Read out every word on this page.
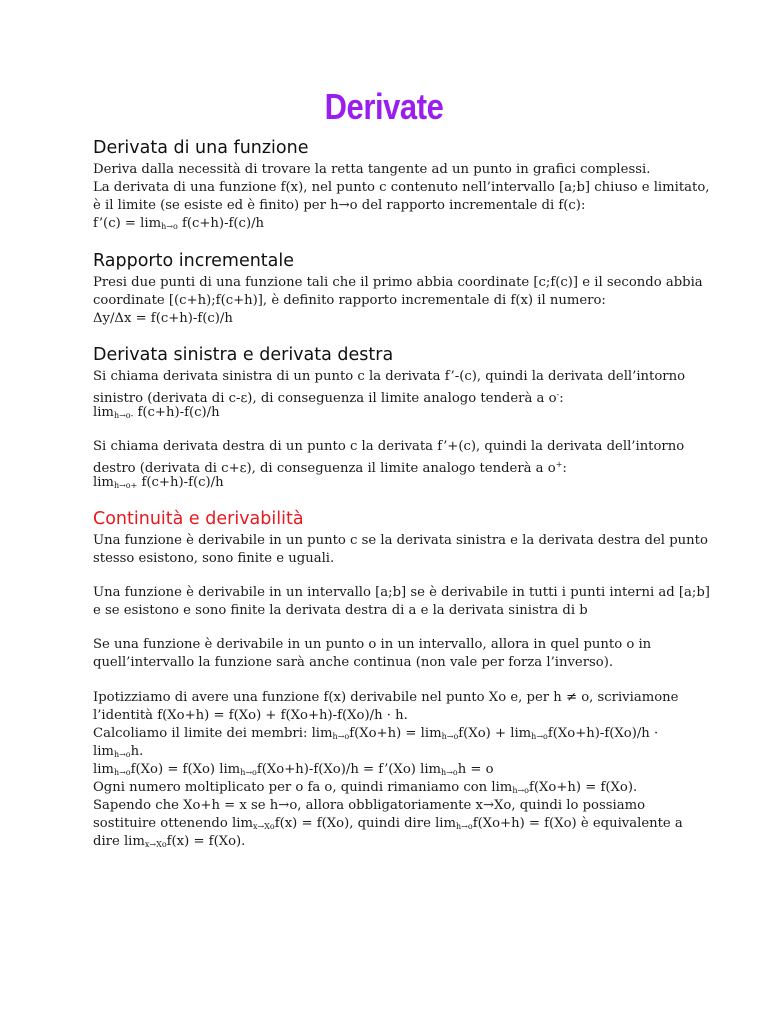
Derivate
Derivata di una funzione
Deriva dalla necessità di trovare la retta tangente ad un punto in grafici complessi.
La derivata di una funzione f(x), nel punto c contenuto nell’intervallo [a;b] chiuso e limitato,
è il limite (se esiste ed è finito) per h→o del rapporto incrementale di f(c):
f’(c) = $\lim_{h\to o} f(c+h)-f(c)/h$
Rapporto incrementale
Presi due punti di una funzione tali che il primo abbia coordinate [c;f(c)] e il secondo abbia
coordinate [(c+h);f(c+h)], è definito rapporto incrementale di f(x) il numero:
Δy/Δx = f(c+h)-f(c)/h
Derivata sinistra e derivata destra
Si chiama derivata sinistra di un punto c la derivata f’-(c), quindi la derivata dell’intorno
sinistro (derivata di c-ε), di conseguenza il limite analogo tenderà a o-:
$\lim_{h\to o-} f(c+h)-f(c)/h$
Si chiama derivata destra di un punto c la derivata f’+(c), quindi la derivata dell’intorno
destro (derivata di c+ε), di conseguenza il limite analogo tenderà a o+:
$\lim_{h\to o+} f(c+h)-f(c)/h$
Continuità e derivabilità
Una funzione è derivabile in un punto c se la derivata sinistra e la derivata destra del punto
stesso esistono, sono finite e uguali.
Una funzione è derivabile in un intervallo [a;b] se è derivabile in tutti i punti interni ad [a;b]
e se esistono e sono finite la derivata destra di a e la derivata sinistra di b
Se una funzione è derivabile in un punto o in un intervallo, allora in quel punto o in
quell’intervallo la funzione sarà anche continua (non vale per forza l’inverso).
Ipotizziamo di avere una funzione f(x) derivabile nel punto Xo e, per h ≠ o, scriviamone
l’identità f(Xo+h) = f(Xo) + f(Xo+h)-f(Xo)/h · h.
Calcoliamo il limite dei membri: $\lim_{h\to o}f(Xo+h) = \lim_{h\to o}f(Xo) + \lim_{h\to o}f(Xo+h)-f(Xo)/h$ ·
$\lim_{h\to o}h$.
$\lim_{h\to o}f(Xo) = f(Xo) \lim_{h\to o}f(Xo+h)-f(Xo)/h$ = f’(Xo) $\lim_{h\to o}h = o$
Ogni numero moltiplicato per o fa o, quindi rimaniamo con $\lim_{h\to o}f(Xo+h) = f(Xo)$.
Sapendo che Xo+h = x se h→o, allora obbligatoriamente x→Xo, quindi lo possiamo
sostituire ottenendo $\lim_{x\to Xo}f(x) = f(Xo)$, quindi dire $\lim_{h\to o}f(Xo+h) = f(Xo)$ è equivalente a
dire $\lim_{x\to Xo}f(x) = f(Xo)$.
